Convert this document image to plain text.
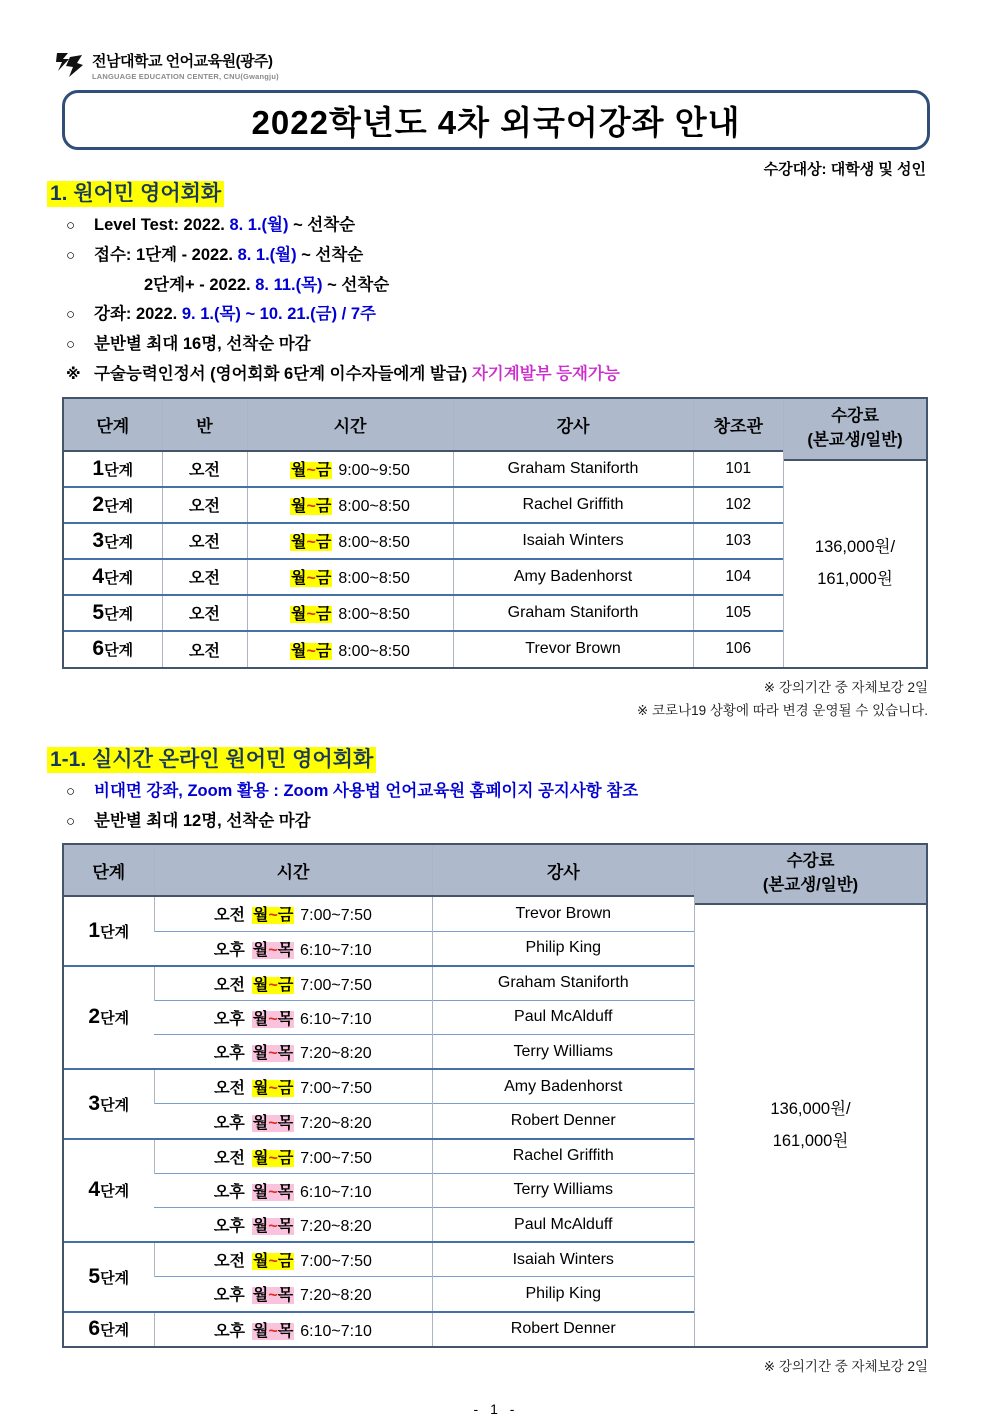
전남대학교 언어교육원(광주)
LANGUAGE EDUCATION CENTER, CNU(Gwangju)
2022학년도 4차 외국어강좌 안내
수강대상: 대학생 및 성인
1. 원어민 영어회화
○	Level Test: 2022. 8. 1.(월) ~ 선착순
○	접수: 1단계 - 2022. 8. 1.(월) ~ 선착순
2단계+ - 2022. 8. 11.(목) ~ 선착순
○	강좌: 2022. 9. 1.(목) ~ 10. 21.(금) / 7주
○	분반별 최대 16명, 선착순 마감
※ 구술능력인정서 (영어회화 6단계 이수자들에게 발급) 자기계발부 등재가능
단계	반	시간	강사	창조관
1단계	오전	월~금 9:00~9:50	Graham Staniforth	101
2단계	오전	월~금 8:00~8:50	Rachel Griffith	102
3단계	오전	월~금 8:00~8:50	Isaiah Winters	103
4단계	오전	월~금 8:00~8:50	Amy Badenhorst	104
5단계	오전	월~금 8:00~8:50	Graham Staniforth	105
6단계	오전	월~금 8:00~8:50	Trevor Brown	106
수강료
(본교생/일반)
136,000원/
161,000원
※ 강의기간 중 자체보강 2일
※ 코로나19 상황에 따라 변경 운영될 수 있습니다.
1-1. 실시간 온라인 원어민 영어회화
○	비대면 강좌, Zoom 활용 : Zoom 사용법 언어교육원 홈페이지 공지사항 참조
○	분반별 최대 12명, 선착순 마감
단계	시간	강사
1단계	오전 월~금 7:00~7:50	Trevor Brown
	오후 월~목 6:10~7:10	Philip King
2단계	오전 월~금 7:00~7:50	Graham Staniforth
	오후 월~목 6:10~7:10	Paul McAlduff
	오후 월~목 7:20~8:20	Terry Williams
3단계	오전 월~금 7:00~7:50	Amy Badenhorst
	오후 월~목 7:20~8:20	Robert Denner
4단계	오전 월~금 7:00~7:50	Rachel Griffith
	오후 월~목 6:10~7:10	Terry Williams
	오후 월~목 7:20~8:20	Paul McAlduff
5단계	오전 월~금 7:00~7:50	Isaiah Winters
	오후 월~목 7:20~8:20	Philip King
6단계	오후 월~목 6:10~7:10	Robert Denner
수강료
(본교생/일반)
136,000원/
161,000원
※ 강의기간 중 자체보강 2일
- 1 -
